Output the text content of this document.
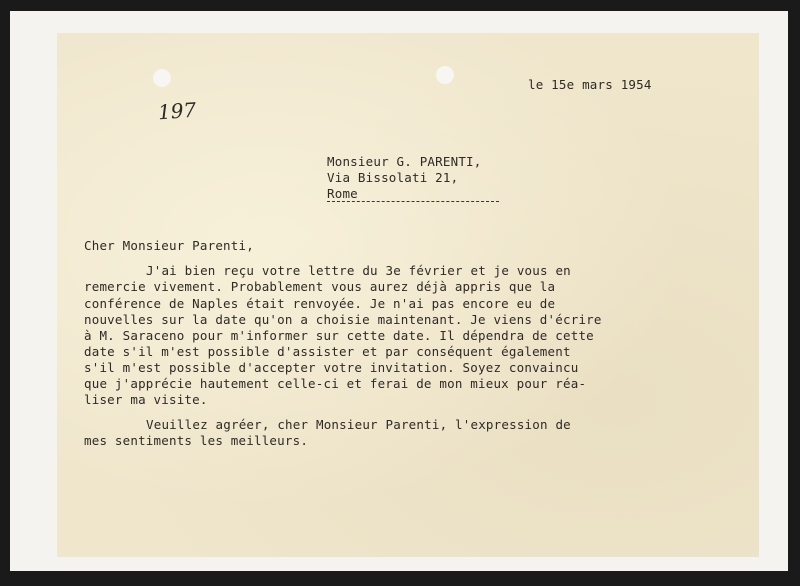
197
le 15e mars 1954
Monsieur G. PARENTI,
Via Bissolati 21,
Rome
Cher Monsieur Parenti,
J'ai bien reçu votre lettre du 3e février et je vous en
remercie vivement. Probablement vous aurez déjà appris que la
conférence de Naples était renvoyée. Je n'ai pas encore eu de
nouvelles sur la date qu'on a choisie maintenant. Je viens d'écrire
à M. Saraceno pour m'informer sur cette date. Il dépendra de cette
date s'il m'est possible d'assister et par conséquent également
s'il m'est possible d'accepter votre invitation. Soyez convaincu
que j'apprécie hautement celle-ci et ferai de mon mieux pour réa-
liser ma visite.
Veuillez agréer, cher Monsieur Parenti, l'expression de
mes sentiments les meilleurs.
